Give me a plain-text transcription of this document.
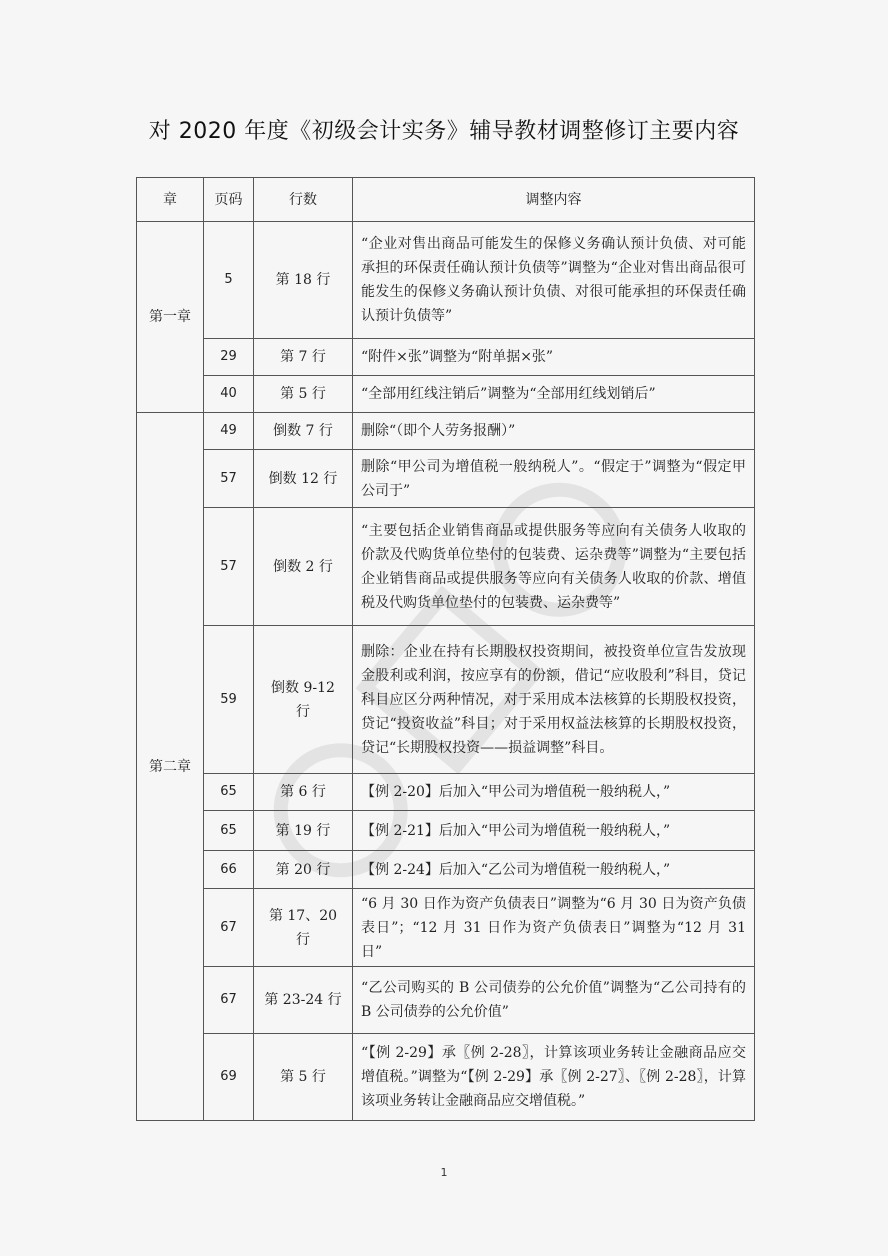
对 2020 年度《初级会计实务》辅导教材调整修订主要内容
章	页码	行数	调整内容
第一章	5	第 18 行	“企业对售出商品可能发生的保修义务确认预计负债、对可能承担的环保责任确认预计负债等”调整为“企业对售出商品很可能发生的保修义务确认预计负债、对很可能承担的环保责任确认预计负债等”
	29	第 7 行	“附件×张”调整为“附单据×张”
	40	第 5 行	“全部用红线注销后”调整为“全部用红线划销后”
第二章	49	倒数 7 行	删除“（即个人劳务报酬）”
	57	倒数 12 行	删除“甲公司为增值税一般纳税人”。“假定于”调整为“假定甲公司于”
	57	倒数 2 行	“主要包括企业销售商品或提供服务等应向有关债务人收取的价款及代购货单位垫付的包装费、运杂费等”调整为“主要包括企业销售商品或提供服务等应向有关债务人收取的价款、增值税及代购货单位垫付的包装费、运杂费等”
	59	倒数 9-12 行	删除：企业在持有长期股权投资期间，被投资单位宣告发放现金股利或利润，按应享有的份额，借记“应收股利”科目，贷记科目应区分两种情况，对于采用成本法核算的长期股权投资，贷记“投资收益”科目；对于采用权益法核算的长期股权投资，贷记“长期股权投资——损益调整”科目。
	65	第 6 行	【例 2-20】后加入“甲公司为增值税一般纳税人，”
	65	第 19 行	【例 2-21】后加入“甲公司为增值税一般纳税人，”
	66	第 20 行	【例 2-24】后加入“乙公司为增值税一般纳税人，”
	67	第 17、20 行	“6 月 30 日作为资产负债表日”调整为“6 月 30 日为资产负债表日”；“12 月 31 日作为资产负债表日”调整为“12 月 31 日”
	67	第 23-24 行	“乙公司购买的 B 公司债券的公允价值”调整为“乙公司持有的 B 公司债券的公允价值”
	69	第 5 行	“【例 2-29】承〖例 2-28〗，计算该项业务转让金融商品应交增值税。”调整为“【例 2-29】承〖例 2-27〗、〖例 2-28〗，计算该项业务转让金融商品应交增值税。”
1
